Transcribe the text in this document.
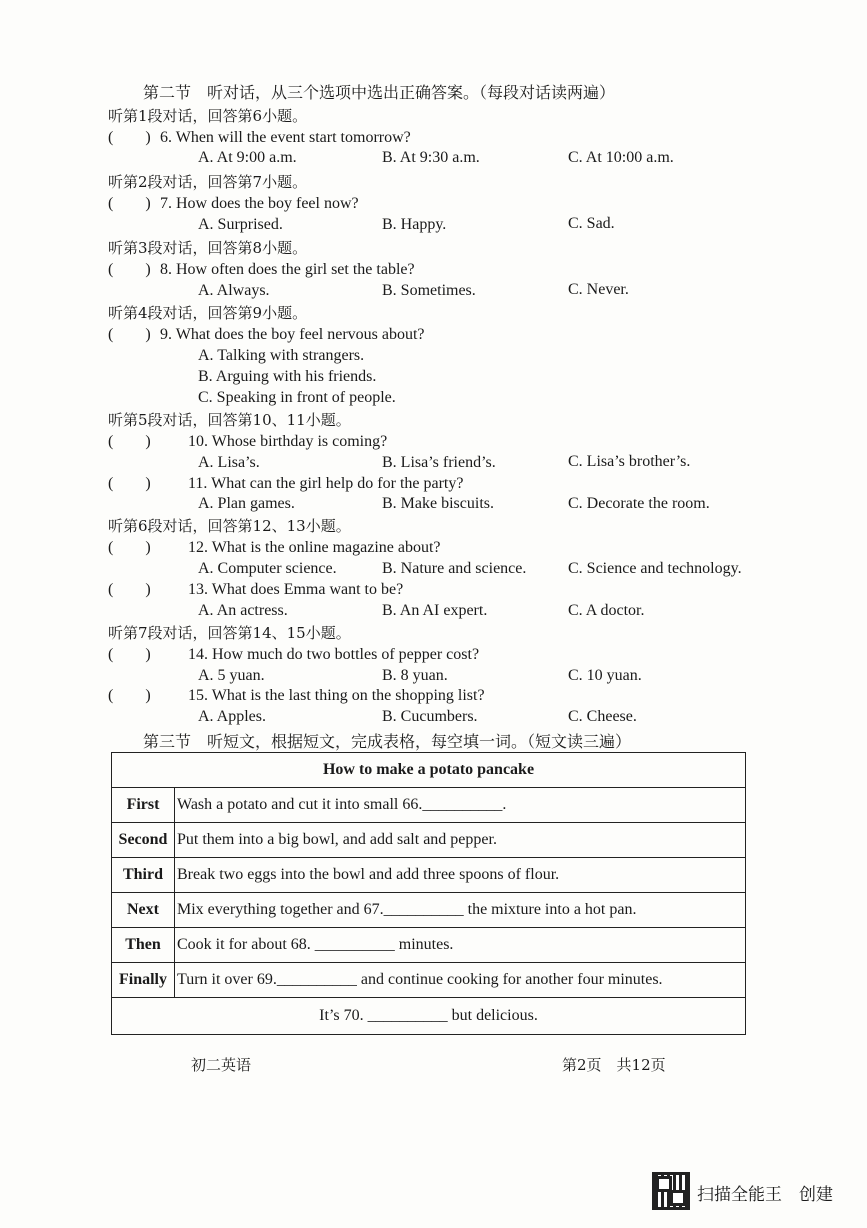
第二节　听对话，从三个选项中选出正确答案。（每段对话读两遍）
听第1段对话，回答第6小题。
(　　) 6. When will the event start tomorrow?
A. At 9:00 a.m.	B. At 9:30 a.m.	C. At 10:00 a.m.
听第2段对话，回答第7小题。
(　　) 7. How does the boy feel now?
A. Surprised.	B. Happy.	C. Sad.
听第3段对话，回答第8小题。
(　　) 8. How often does the girl set the table?
A. Always.	B. Sometimes.	C. Never.
听第4段对话，回答第9小题。
(　　) 9. What does the boy feel nervous about?
A. Talking with strangers.
B. Arguing with his friends.
C. Speaking in front of people.
听第5段对话，回答第10、11小题。
(　　) 10. Whose birthday is coming?
A. Lisa’s.	B. Lisa’s friend’s.	C. Lisa’s brother’s.
(　　) 11. What can the girl help do for the party?
A. Plan games.	B. Make biscuits.	C. Decorate the room.
听第6段对话，回答第12、13小题。
(　　) 12. What is the online magazine about?
A. Computer science.	B. Nature and science.	C. Science and technology.
(　　) 13. What does Emma want to be?
A. An actress.	B. An AI expert.	C. A doctor.
听第7段对话，回答第14、15小题。
(　　) 14. How much do two bottles of pepper cost?
A. 5 yuan.	B. 8 yuan.	C. 10 yuan.
(　　) 15. What is the last thing on the shopping list?
A. Apples.	B. Cucumbers.	C. Cheese.
第三节　听短文，根据短文，完成表格，每空填一词。（短文读三遍）
How to make a potato pancake	
First	Wash a potato and cut it into small 66.__________.
Second	Put them into a big bowl, and add salt and pepper.
Third	Break two eggs into the bowl and add three spoons of flour.
Next	Mix everything together and 67.__________ the mixture into a hot pan.
Then	Cook it for about 68. __________ minutes.
Finally	Turn it over 69.__________ and continue cooking for another four minutes.
It’s 70. __________ but delicious.	
初二英语	第2页　共12页
扫描全能王　创建
